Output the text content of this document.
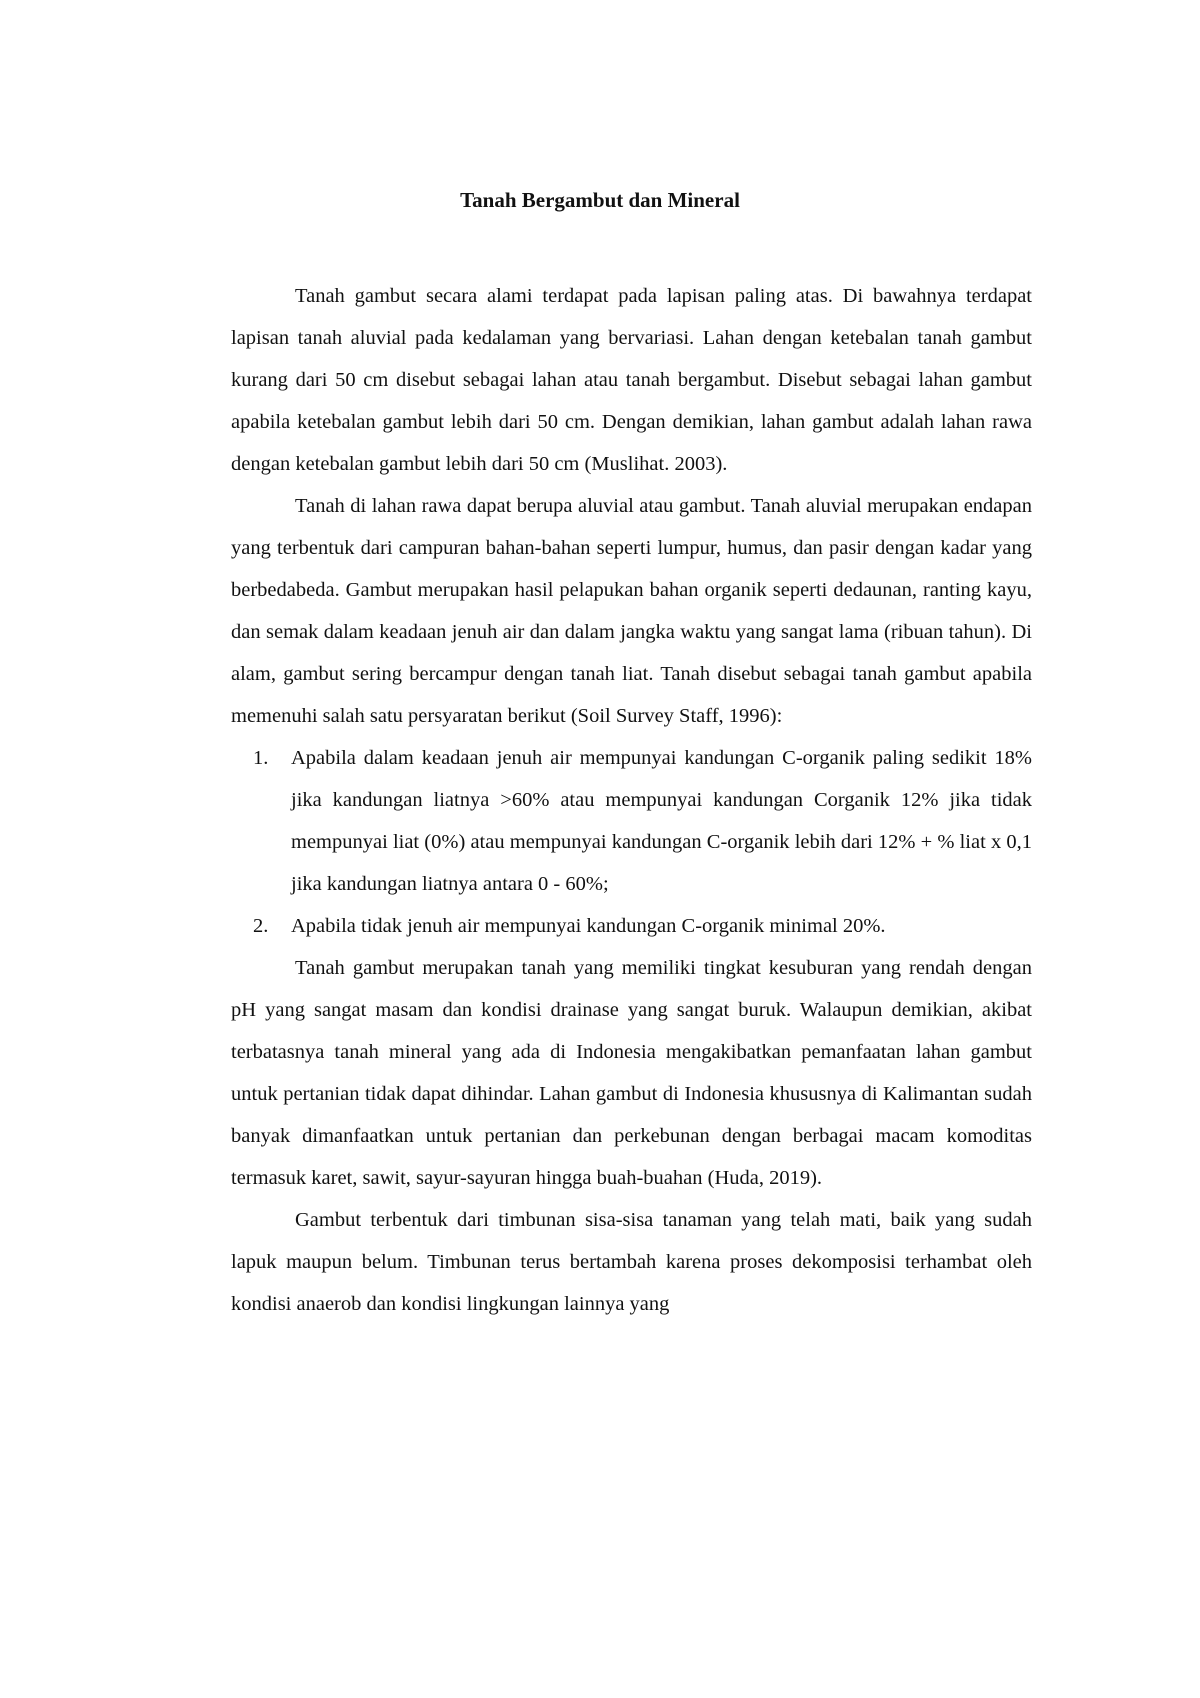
Tanah Bergambut dan Mineral

Tanah gambut secara alami terdapat pada lapisan paling atas. Di bawahnya terdapat lapisan tanah aluvial pada kedalaman yang bervariasi. Lahan dengan ketebalan tanah gambut kurang dari 50 cm disebut sebagai lahan atau tanah bergambut. Disebut sebagai lahan gambut apabila ketebalan gambut lebih dari 50 cm. Dengan demikian, lahan gambut adalah lahan rawa dengan ketebalan gambut lebih dari 50 cm (Muslihat. 2003).

Tanah di lahan rawa dapat berupa aluvial atau gambut. Tanah aluvial merupakan endapan yang terbentuk dari campuran bahan-bahan seperti lumpur, humus, dan pasir dengan kadar yang berbedabeda. Gambut merupakan hasil pelapukan bahan organik seperti dedaunan, ranting kayu, dan semak dalam keadaan jenuh air dan dalam jangka waktu yang sangat lama (ribuan tahun). Di alam, gambut sering bercampur dengan tanah liat. Tanah disebut sebagai tanah gambut apabila memenuhi salah satu persyaratan berikut (Soil Survey Staff, 1996):

1. Apabila dalam keadaan jenuh air mempunyai kandungan C-organik paling sedikit 18% jika kandungan liatnya >60% atau mempunyai kandungan Corganik 12% jika tidak mempunyai liat (0%) atau mempunyai kandungan C-organik lebih dari 12% + % liat x 0,1 jika kandungan liatnya antara 0 - 60%;
2. Apabila tidak jenuh air mempunyai kandungan C-organik minimal 20%.

Tanah gambut merupakan tanah yang memiliki tingkat kesuburan yang rendah dengan pH yang sangat masam dan kondisi drainase yang sangat buruk. Walaupun demikian, akibat terbatasnya tanah mineral yang ada di Indonesia mengakibatkan pemanfaatan lahan gambut untuk pertanian tidak dapat dihindar. Lahan gambut di Indonesia khususnya di Kalimantan sudah banyak dimanfaatkan untuk pertanian dan perkebunan dengan berbagai macam komoditas termasuk karet, sawit, sayur-sayuran hingga buah-buahan (Huda, 2019).

Gambut terbentuk dari timbunan sisa-sisa tanaman yang telah mati, baik yang sudah lapuk maupun belum. Timbunan terus bertambah karena proses dekomposisi terhambat oleh kondisi anaerob dan kondisi lingkungan lainnya yang
